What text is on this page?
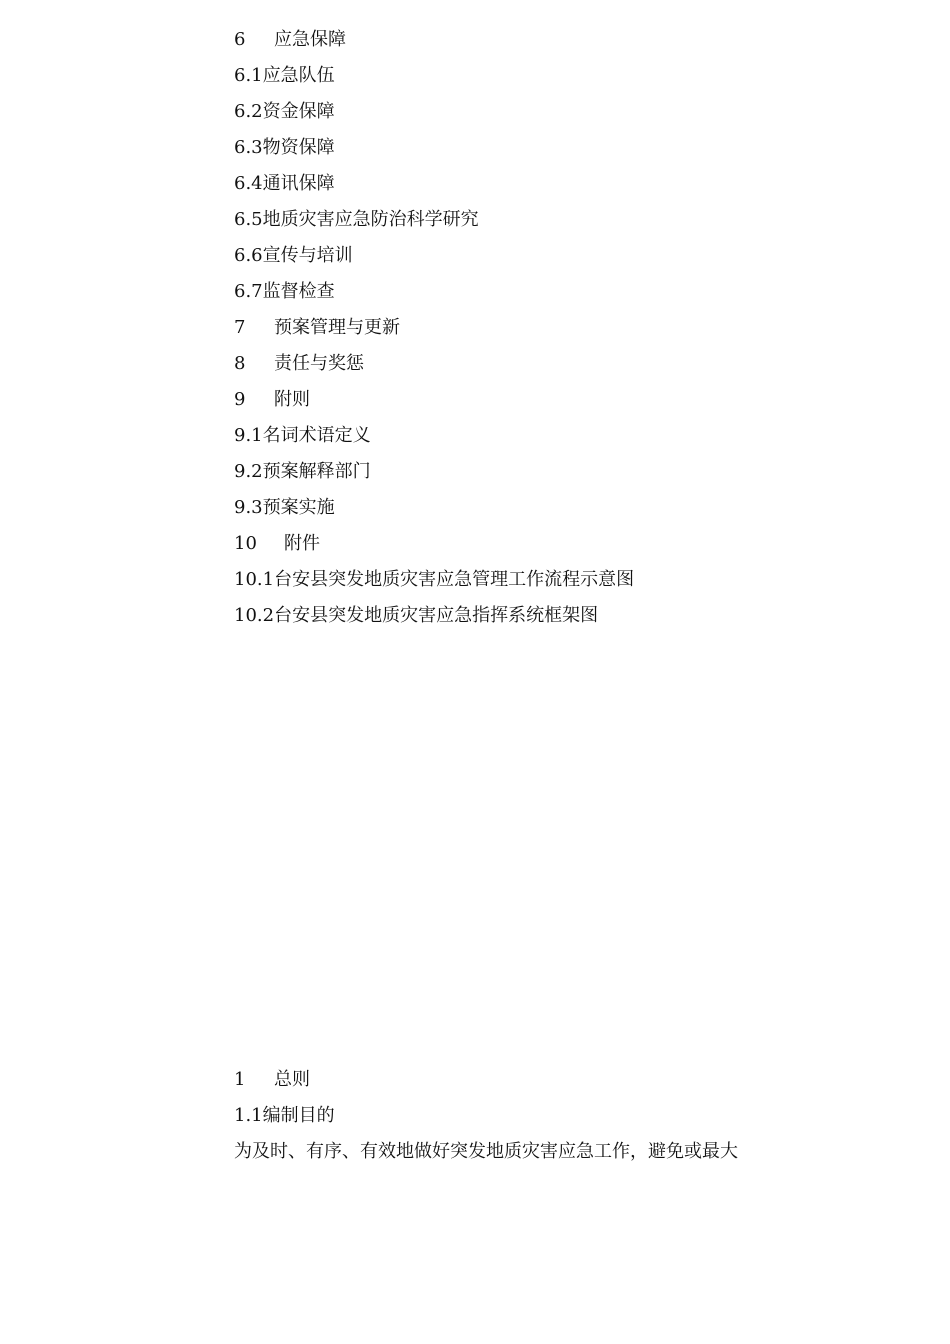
6 应急保障
6.1应急队伍
6.2资金保障
6.3物资保障
6.4通讯保障
6.5地质灾害应急防治科学研究
6.6宣传与培训
6.7监督检查
7 预案管理与更新
8 责任与奖惩
9 附则
9.1名词术语定义
9.2预案解释部门
9.3预案实施
10 附件
10.1台安县突发地质灾害应急管理工作流程示意图
10.2台安县突发地质灾害应急指挥系统框架图
1 总则
1.1编制目的
为及时、有序、有效地做好突发地质灾害应急工作，避免或最大
